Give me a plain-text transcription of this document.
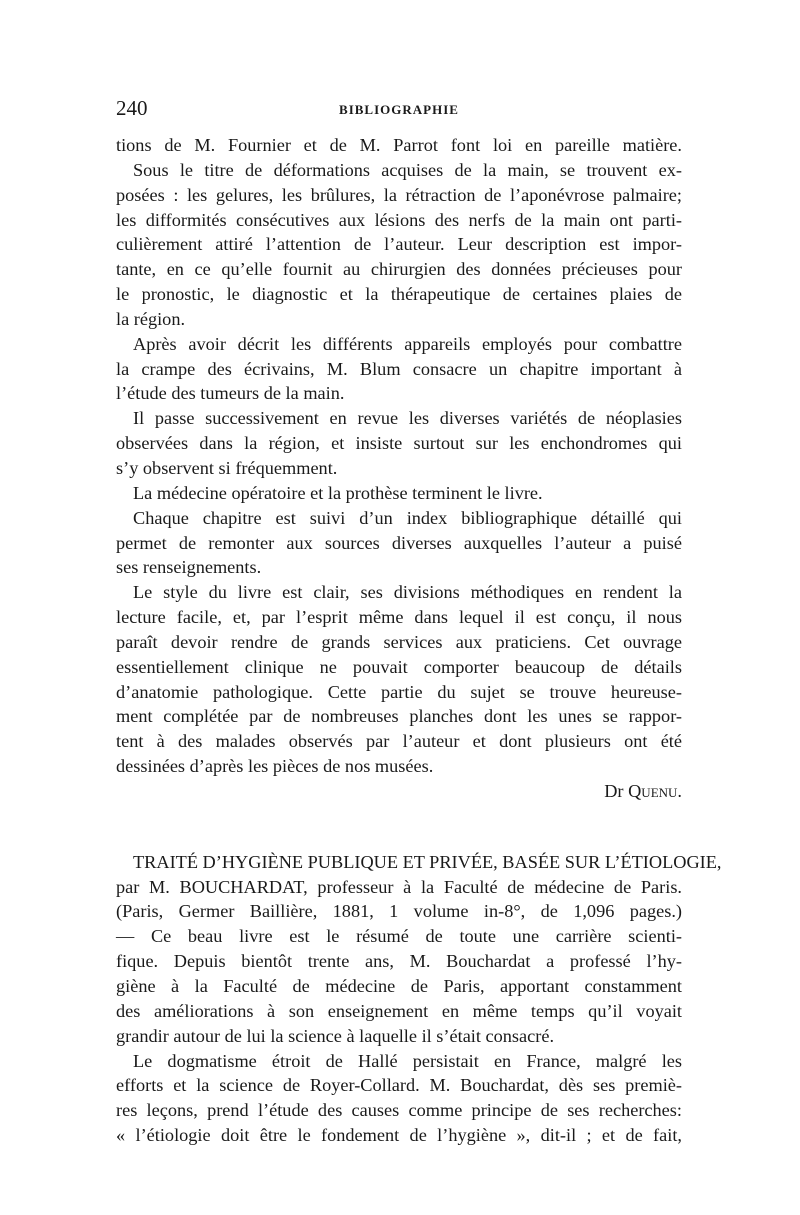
240	BIBLIOGRAPHIE
tions de M. Fournier et de M. Parrot font loi en pareille matière.
Sous le titre de déformations acquises de la main, se trouvent ex-
posées : les gelures, les brûlures, la rétraction de l’aponévrose palmaire;
les difformités consécutives aux lésions des nerfs de la main ont parti-
culièrement attiré l’attention de l’auteur. Leur description est impor-
tante, en ce qu’elle fournit au chirurgien des données précieuses pour
le pronostic, le diagnostic et la thérapeutique de certaines plaies de
la région.
Après avoir décrit les différents appareils employés pour combattre
la crampe des écrivains, M. Blum consacre un chapitre important à
l’étude des tumeurs de la main.
Il passe successivement en revue les diverses variétés de néoplasies
observées dans la région, et insiste surtout sur les enchondromes qui
s’y observent si fréquemment.
La médecine opératoire et la prothèse terminent le livre.
Chaque chapitre est suivi d’un index bibliographique détaillé qui
permet de remonter aux sources diverses auxquelles l’auteur a puisé
ses renseignements.
Le style du livre est clair, ses divisions méthodiques en rendent la
lecture facile, et, par l’esprit même dans lequel il est conçu, il nous
paraît devoir rendre de grands services aux praticiens. Cet ouvrage
essentiellement clinique ne pouvait comporter beaucoup de détails
d’anatomie pathologique. Cette partie du sujet se trouve heureuse-
ment complétée par de nombreuses planches dont les unes se rappor-
tent à des malades observés par l’auteur et dont plusieurs ont été
dessinées d’après les pièces de nos musées.
Dr Quenu.
TRAITÉ D’HYGIÈNE PUBLIQUE ET PRIVÉE, BASÉE SUR L’ÉTIOLOGIE,
par M. BOUCHARDAT, professeur à la Faculté de médecine de Paris.
(Paris, Germer Baillière, 1881, 1 volume in-8°, de 1,096 pages.)
— Ce beau livre est le résumé de toute une carrière scienti-
fique. Depuis bientôt trente ans, M. Bouchardat a professé l’hy-
giène à la Faculté de médecine de Paris, apportant constamment
des améliorations à son enseignement en même temps qu’il voyait
grandir autour de lui la science à laquelle il s’était consacré.
Le dogmatisme étroit de Hallé persistait en France, malgré les
efforts et la science de Royer-Collard. M. Bouchardat, dès ses premiè-
res leçons, prend l’étude des causes comme principe de ses recherches:
« l’étiologie doit être le fondement de l’hygiène », dit-il ; et de fait,
